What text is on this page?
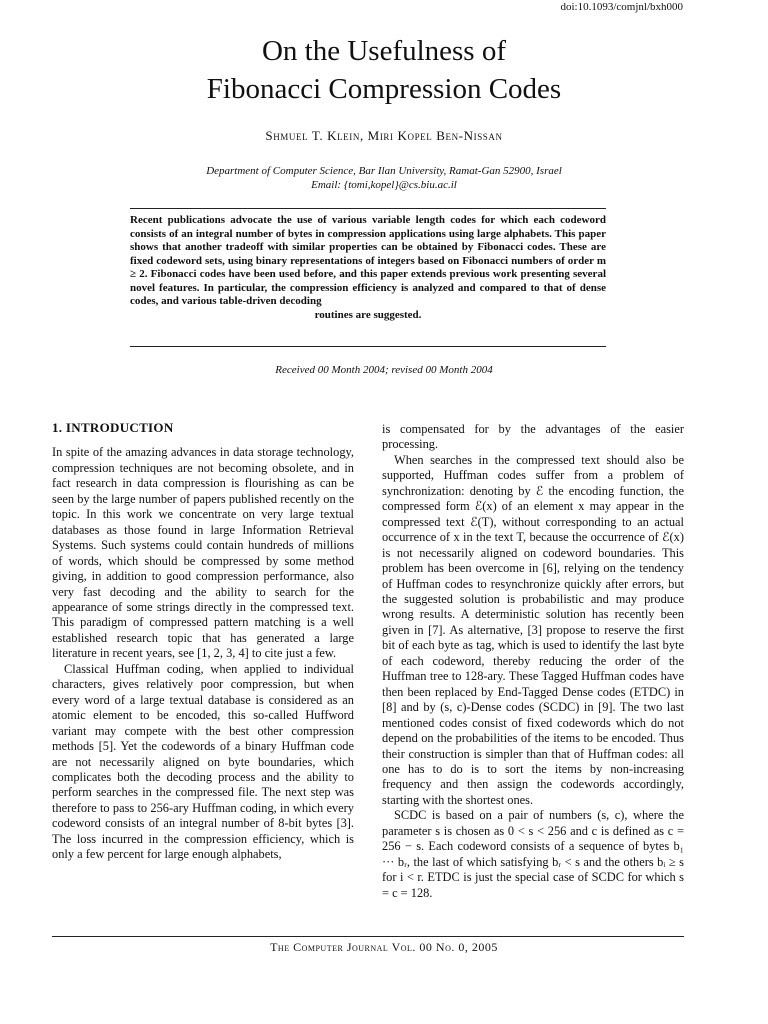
doi:10.1093/comjnl/bxh000
On the Usefulness of
Fibonacci Compression Codes
Shmuel T. Klein, Miri Kopel Ben-Nissan
Department of Computer Science, Bar Ilan University, Ramat-Gan 52900, Israel
Email: {tomi,kopel}@cs.biu.ac.il
Recent publications advocate the use of various variable length codes for which each codeword consists of an integral number of bytes in compression applications using large alphabets. This paper shows that another tradeoff with similar properties can be obtained by Fibonacci codes. These are fixed codeword sets, using binary representations of integers based on Fibonacci numbers of order m ≥ 2. Fibonacci codes have been used before, and this paper extends previous work presenting several novel features. In particular, the compression efficiency is analyzed and compared to that of dense codes, and various table-driven decoding
routines are suggested.
Received 00 Month 2004; revised 00 Month 2004
1. INTRODUCTION

In spite of the amazing advances in data storage technology, compression techniques are not becoming obsolete, and in fact research in data compression is flourishing as can be seen by the large number of papers published recently on the topic. In this work we concentrate on very large textual databases as those found in large Information Retrieval Systems. Such systems could contain hundreds of millions of words, which should be compressed by some method giving, in addition to good compression performance, also very fast decoding and the ability to search for the appearance of some strings directly in the compressed text. This paradigm of compressed pattern matching is a well established research topic that has generated a large literature in recent years, see [1, 2, 3, 4] to cite just a few.

Classical Huffman coding, when applied to individual characters, gives relatively poor compression, but when every word of a large textual database is considered as an atomic element to be encoded, this so-called Huffword variant may compete with the best other compression methods [5]. Yet the codewords of a binary Huffman code are not necessarily aligned on byte boundaries, which complicates both the decoding process and the ability to perform searches in the compressed file. The next step was therefore to pass to 256-ary Huffman coding, in which every codeword consists of an integral number of 8-bit bytes [3]. The loss incurred in the compression efficiency, which is only a few percent for large enough alphabets,

is compensated for by the advantages of the easier processing.

When searches in the compressed text should also be supported, Huffman codes suffer from a problem of synchronization: denoting by ℰ the encoding function, the compressed form ℰ(x) of an element x may appear in the compressed text ℰ(T), without corresponding to an actual occurrence of x in the text T, because the occurrence of ℰ(x) is not necessarily aligned on codeword boundaries. This problem has been overcome in [6], relying on the tendency of Huffman codes to resynchronize quickly after errors, but the suggested solution is probabilistic and may produce wrong results. A deterministic solution has recently been given in [7]. As alternative, [3] propose to reserve the first bit of each byte as tag, which is used to identify the last byte of each codeword, thereby reducing the order of the Huffman tree to 128-ary. These Tagged Huffman codes have then been replaced by End-Tagged Dense codes (ETDC) in [8] and by (s, c)-Dense codes (SCDC) in [9]. The two last mentioned codes consist of fixed codewords which do not depend on the probabilities of the items to be encoded. Thus their construction is simpler than that of Huffman codes: all one has to do is to sort the items by non-increasing frequency and then assign the codewords accordingly, starting with the shortest ones.

SCDC is based on a pair of numbers (s, c), where the parameter s is chosen as 0 < s < 256 and c is defined as c = 256 − s. Each codeword consists of a sequence of bytes b₁ ··· bᵣ, the last of which satisfying bᵣ < s and the others bᵢ ≥ s for i < r. ETDC is just the special case of SCDC for which s = c = 128.

The Computer Journal Vol. 00 No. 0, 2005
